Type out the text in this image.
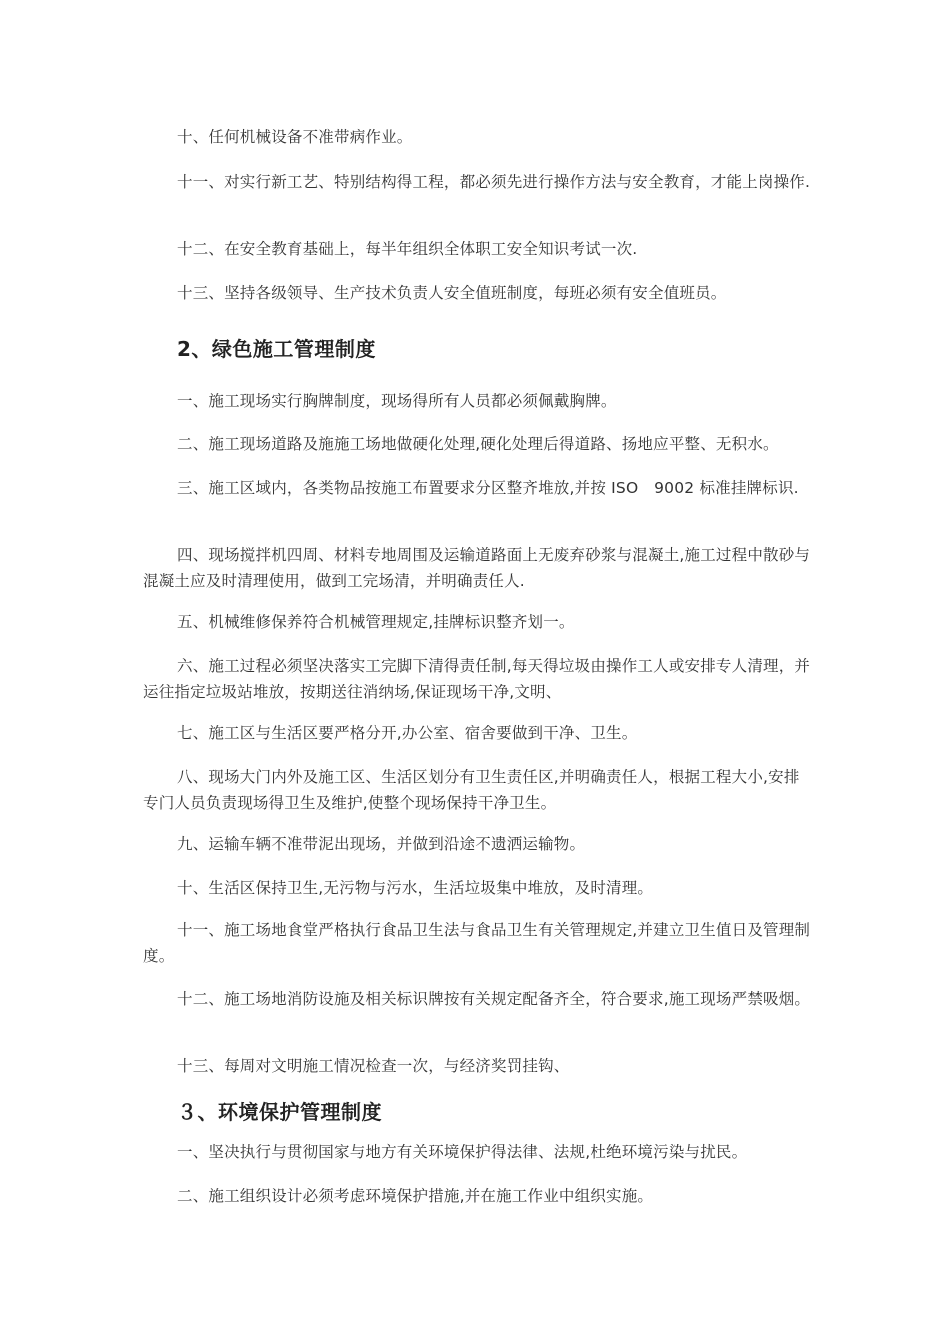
十、任何机械设备不准带病作业。

十一、对实行新工艺、特别结构得工程，都必须先进行操作方法与安全教育，才能上岗操作.

十二、在安全教育基础上，每半年组织全体职工安全知识考试一次.

十三、坚持各级领导、生产技术负责人安全值班制度，每班必须有安全值班员。

2、绿色施工管理制度

一、施工现场实行胸牌制度，现场得所有人员都必须佩戴胸牌。

二、施工现场道路及施施工场地做硬化处理,硬化处理后得道路、扬地应平整、无积水。

三、施工区域内，各类物品按施工布置要求分区整齐堆放,并按 ISO　9002 标准挂牌标识.

四、现场搅拌机四周、材料专地周围及运输道路面上无废弃砂浆与混凝土,施工过程中散砂与混凝土应及时清理使用，做到工完场清，并明确责任人.

五、机械维修保养符合机械管理规定,挂牌标识整齐划一。

六、施工过程必须坚决落实工完脚下清得责任制,每天得垃圾由操作工人或安排专人清理，并运往指定垃圾站堆放，按期送往消纳场,保证现场干净,文明、

七、施工区与生活区要严格分开,办公室、宿舍要做到干净、卫生。

八、现场大门内外及施工区、生活区划分有卫生责任区,并明确责任人，根据工程大小,安排专门人员负责现场得卫生及维护,使整个现场保持干净卫生。

九、运输车辆不准带泥出现场，并做到沿途不遗洒运输物。

十、生活区保持卫生,无污物与污水，生活垃圾集中堆放，及时清理。

十一、施工场地食堂严格执行食品卫生法与食品卫生有关管理规定,并建立卫生值日及管理制度。

十二、施工场地消防设施及相关标识牌按有关规定配备齐全，符合要求,施工现场严禁吸烟。

十三、每周对文明施工情况检查一次，与经济奖罚挂钩、

３、环境保护管理制度

一、坚决执行与贯彻国家与地方有关环境保护得法律、法规,杜绝环境污染与扰民。

二、施工组织设计必须考虑环境保护措施,并在施工作业中组织实施。
